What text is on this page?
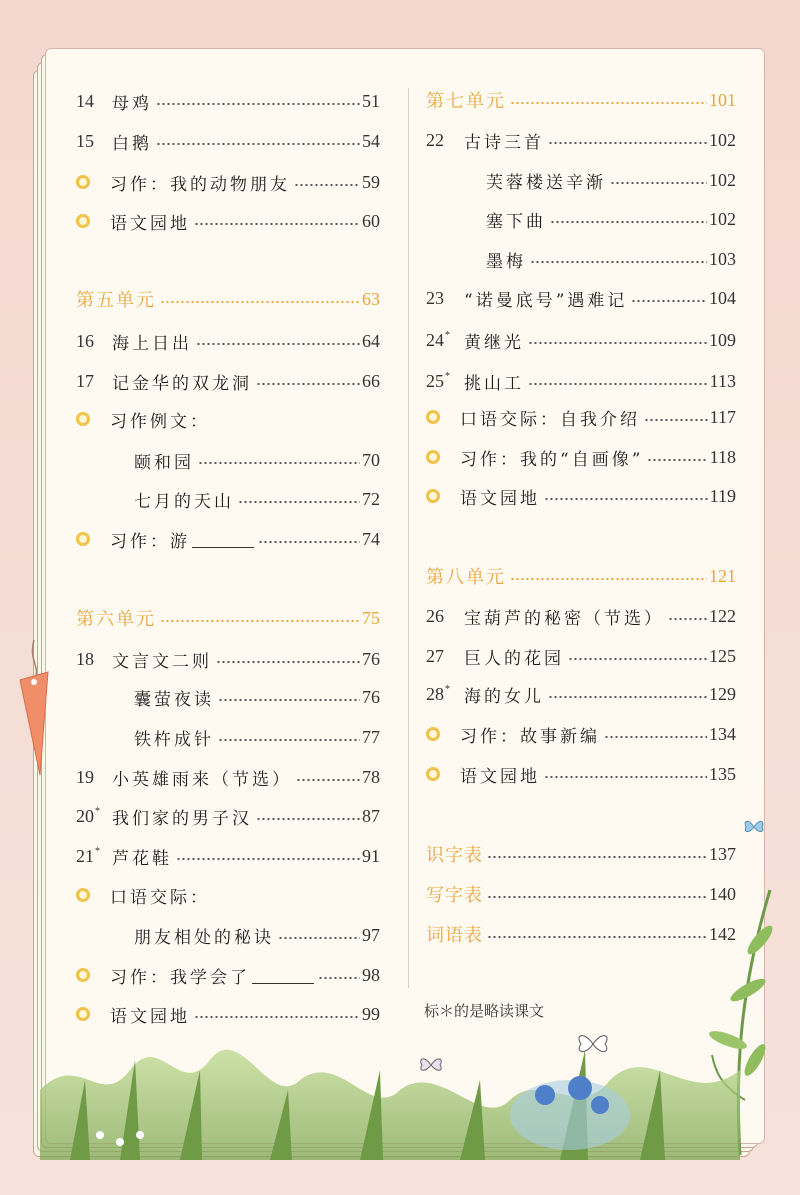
14	母鸡	51
15	白鹅	54
习作：我的动物朋友	59
语文园地	60
第五单元	63
16	海上日出	64
17	记金华的双龙洞	66
习作例文：
颐和园	70
七月的天山	72
习作：游	74
第六单元	75
18	文言文二则	76
囊萤夜读	76
铁杵成针	77
19	小英雄雨来（节选）	78
20* 我们家的男子汉	87
21* 芦花鞋	91
口语交际：
朋友相处的秘诀	97
习作：我学会了	98
语文园地	99
第七单元	101
22	古诗三首	102
芙蓉楼送辛渐	102
塞下曲	102
墨梅	103
23	“诺曼底号”遇难记	104
24* 黄继光	109
25* 挑山工	113
口语交际：自我介绍	117
习作：我的“自画像”	118
语文园地	119
第八单元	121
26	宝葫芦的秘密（节选）	122
27	巨人的花园	125
28* 海的女儿	129
习作：故事新编	134
语文园地	135
识字表	137
写字表	140
词语表	142
标＊的是略读课文
